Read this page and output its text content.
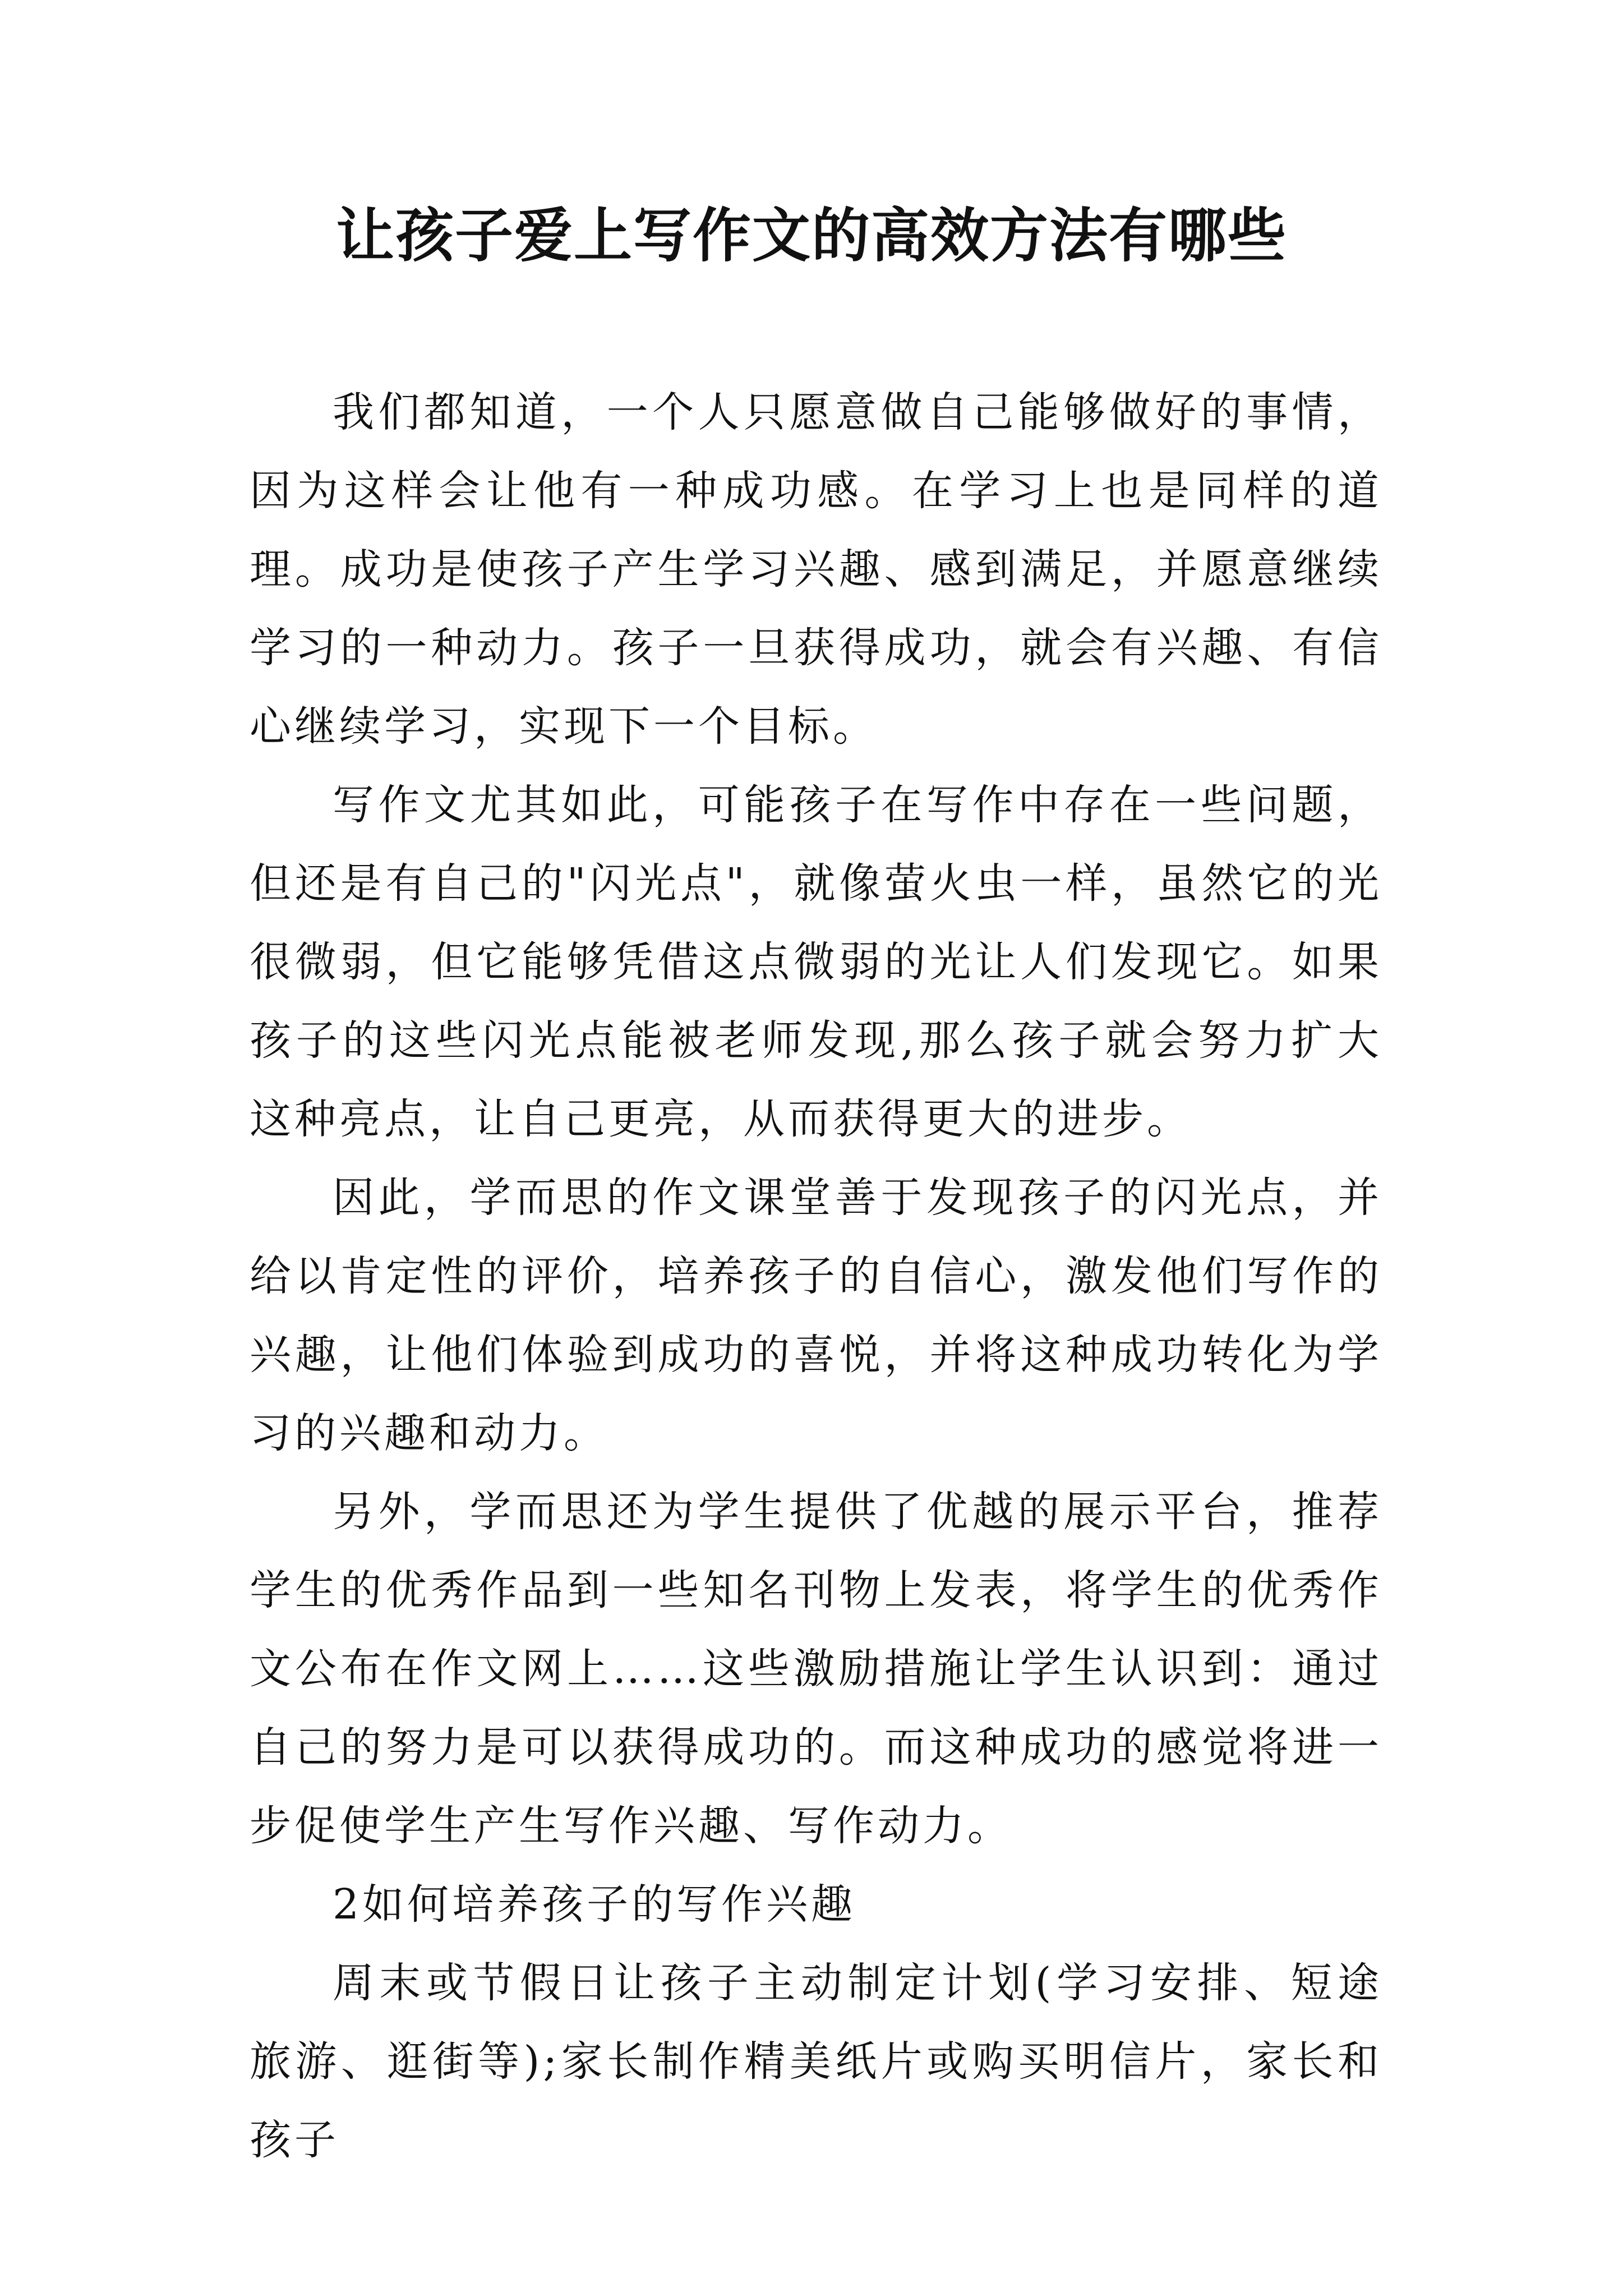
让孩子爱上写作文的高效方法有哪些

我们都知道，一个人只愿意做自己能够做好的事情，因为这样会让他有一种成功感。在学习上也是同样的道理。成功是使孩子产生学习兴趣、感到满足，并愿意继续学习的一种动力。孩子一旦获得成功，就会有兴趣、有信心继续学习，实现下一个目标。

写作文尤其如此，可能孩子在写作中存在一些问题，但还是有自己的"闪光点"，就像萤火虫一样，虽然它的光很微弱，但它能够凭借这点微弱的光让人们发现它。如果孩子的这些闪光点能被老师发现,那么孩子就会努力扩大这种亮点，让自己更亮，从而获得更大的进步。

因此，学而思的作文课堂善于发现孩子的闪光点，并给以肯定性的评价，培养孩子的自信心，激发他们写作的兴趣，让他们体验到成功的喜悦，并将这种成功转化为学习的兴趣和动力。

另外，学而思还为学生提供了优越的展示平台，推荐学生的优秀作品到一些知名刊物上发表，将学生的优秀作文公布在作文网上……这些激励措施让学生认识到：通过自己的努力是可以获得成功的。而这种成功的感觉将进一步促使学生产生写作兴趣、写作动力。

2如何培养孩子的写作兴趣

周末或节假日让孩子主动制定计划(学习安排、短途旅游、逛街等);家长制作精美纸片或购买明信片，家长和孩子
